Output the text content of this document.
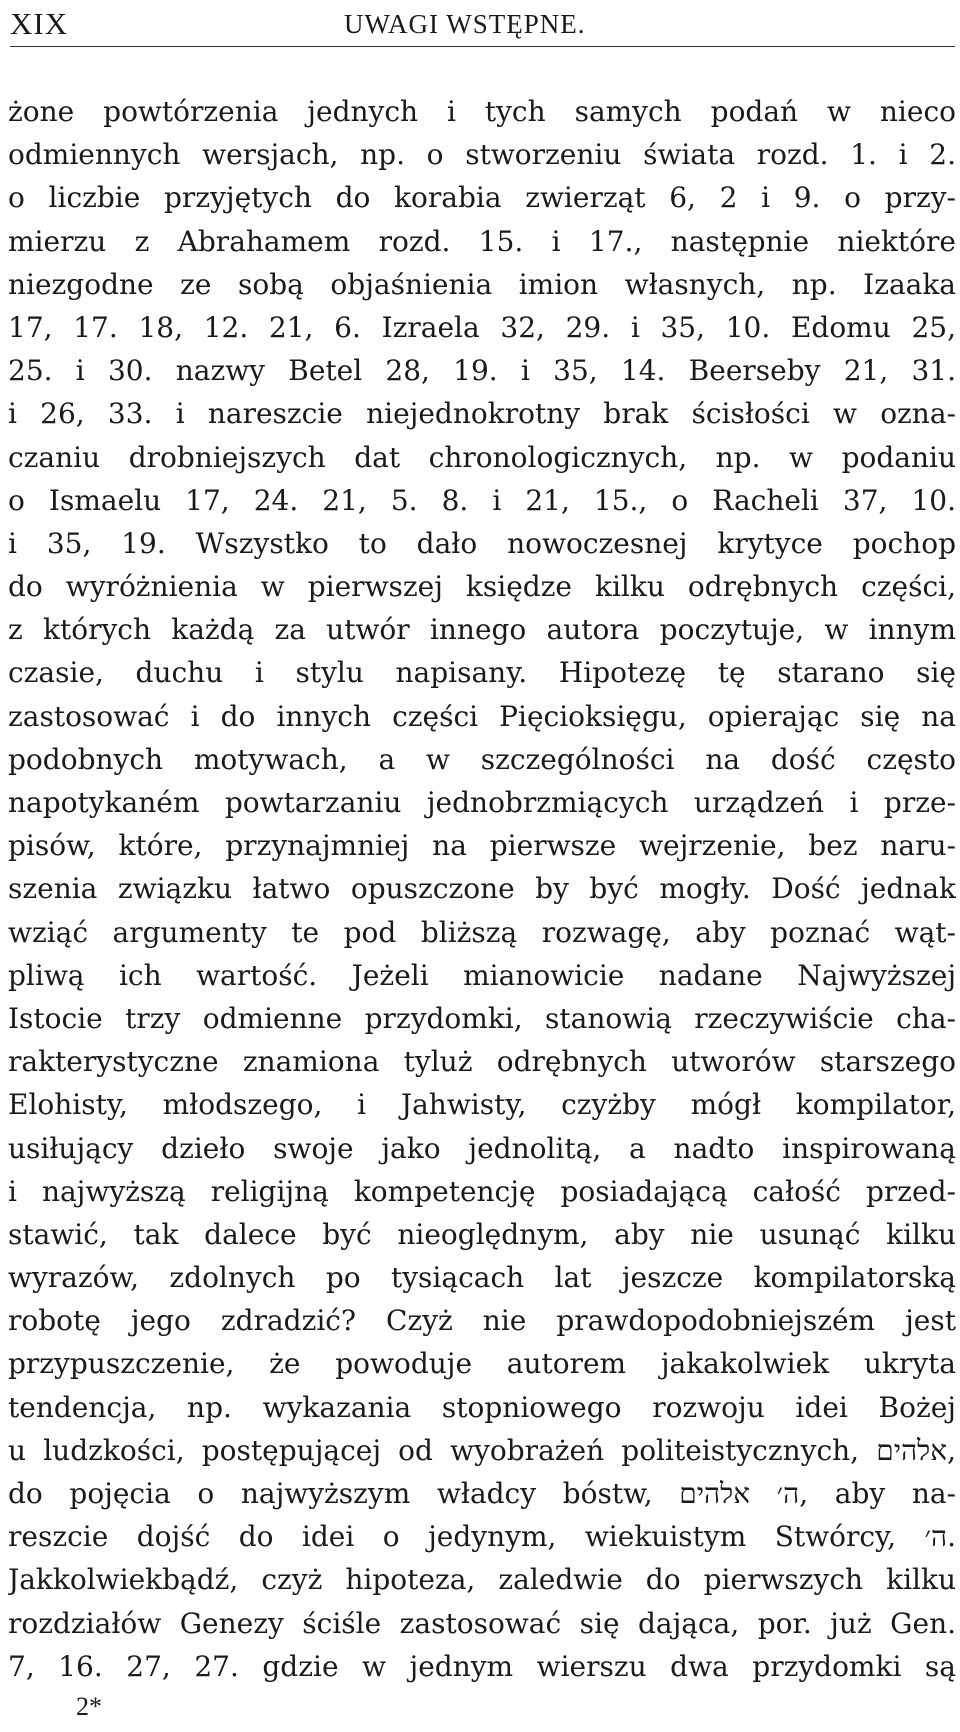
XIX	UWAGI WSTĘPNE.
żone powtórzenia jednych i tych samych podań w nieco
odmiennych wersjach, np. o stworzeniu świata rozd. 1. i 2.
o liczbie przyjętych do korabia zwierząt 6, 2 i 9. o przy-
mierzu z Abrahamem rozd. 15. i 17., następnie niektóre
niezgodne ze sobą objaśnienia imion własnych, np. Izaaka
17, 17. 18, 12. 21, 6. Izraela 32, 29. i 35, 10. Edomu 25,
25. i 30. nazwy Betel 28, 19. i 35, 14. Beerseby 21, 31.
i 26, 33. i nareszcie niejednokrotny brak ścisłości w ozna-
czaniu drobniejszych dat chronologicznych, np. w podaniu
o Ismaelu 17, 24. 21, 5. 8. i 21, 15., o Racheli 37, 10.
i 35, 19. Wszystko to dało nowoczesnej krytyce pochop
do wyróżnienia w pierwszej księdze kilku odrębnych części,
z których każdą za utwór innego autora poczytuje, w innym
czasie, duchu i stylu napisany. Hipotezę tę starano się
zastosować i do innych części Pięcioksięgu, opierając się na
podobnych motywach, a w szczególności na dość często
napotykaném powtarzaniu jednobrzmiących urządzeń i prze-
pisów, które, przynajmniej na pierwsze wejrzenie, bez naru-
szenia związku łatwo opuszczone by być mogły. Dość jednak
wziąć argumenty te pod bliższą rozwagę, aby poznać wąt-
pliwą ich wartość. Jeżeli mianowicie nadane Najwyższej
Istocie trzy odmienne przydomki, stanowią rzeczywiście cha-
rakterystyczne znamiona tyluż odrębnych utworów starszego
Elohisty, młodszego, i Jahwisty, czyżby mógł kompilator,
usiłujący dzieło swoje jako jednolitą, a nadto inspirowaną
i najwyższą religijną kompetencję posiadającą całość przed-
stawić, tak dalece być nieoględnym, aby nie usunąć kilku
wyrazów, zdolnych po tysiącach lat jeszcze kompilatorską
robotę jego zdradzić? Czyż nie prawdopodobniejszém jest
przypuszczenie, że powoduje autorem jakakolwiek ukryta
tendencja, np. wykazania stopniowego rozwoju idei Bożej
u ludzkości, postępującej od wyobrażeń politeistycznych, אלהים,
do pojęcia o najwyższym władcy bóstw, ה׳ אלהים, aby na-
reszcie dojść do idei o jedynym, wiekuistym Stwórcy, ה׳.
Jakkolwiekbądź, czyż hipoteza, zaledwie do pierwszych kilku
rozdziałów Genezy ściśle zastosować się dająca, por. już Gen.
7, 16. 27, 27. gdzie w jednym wierszu dwa przydomki są
2*
